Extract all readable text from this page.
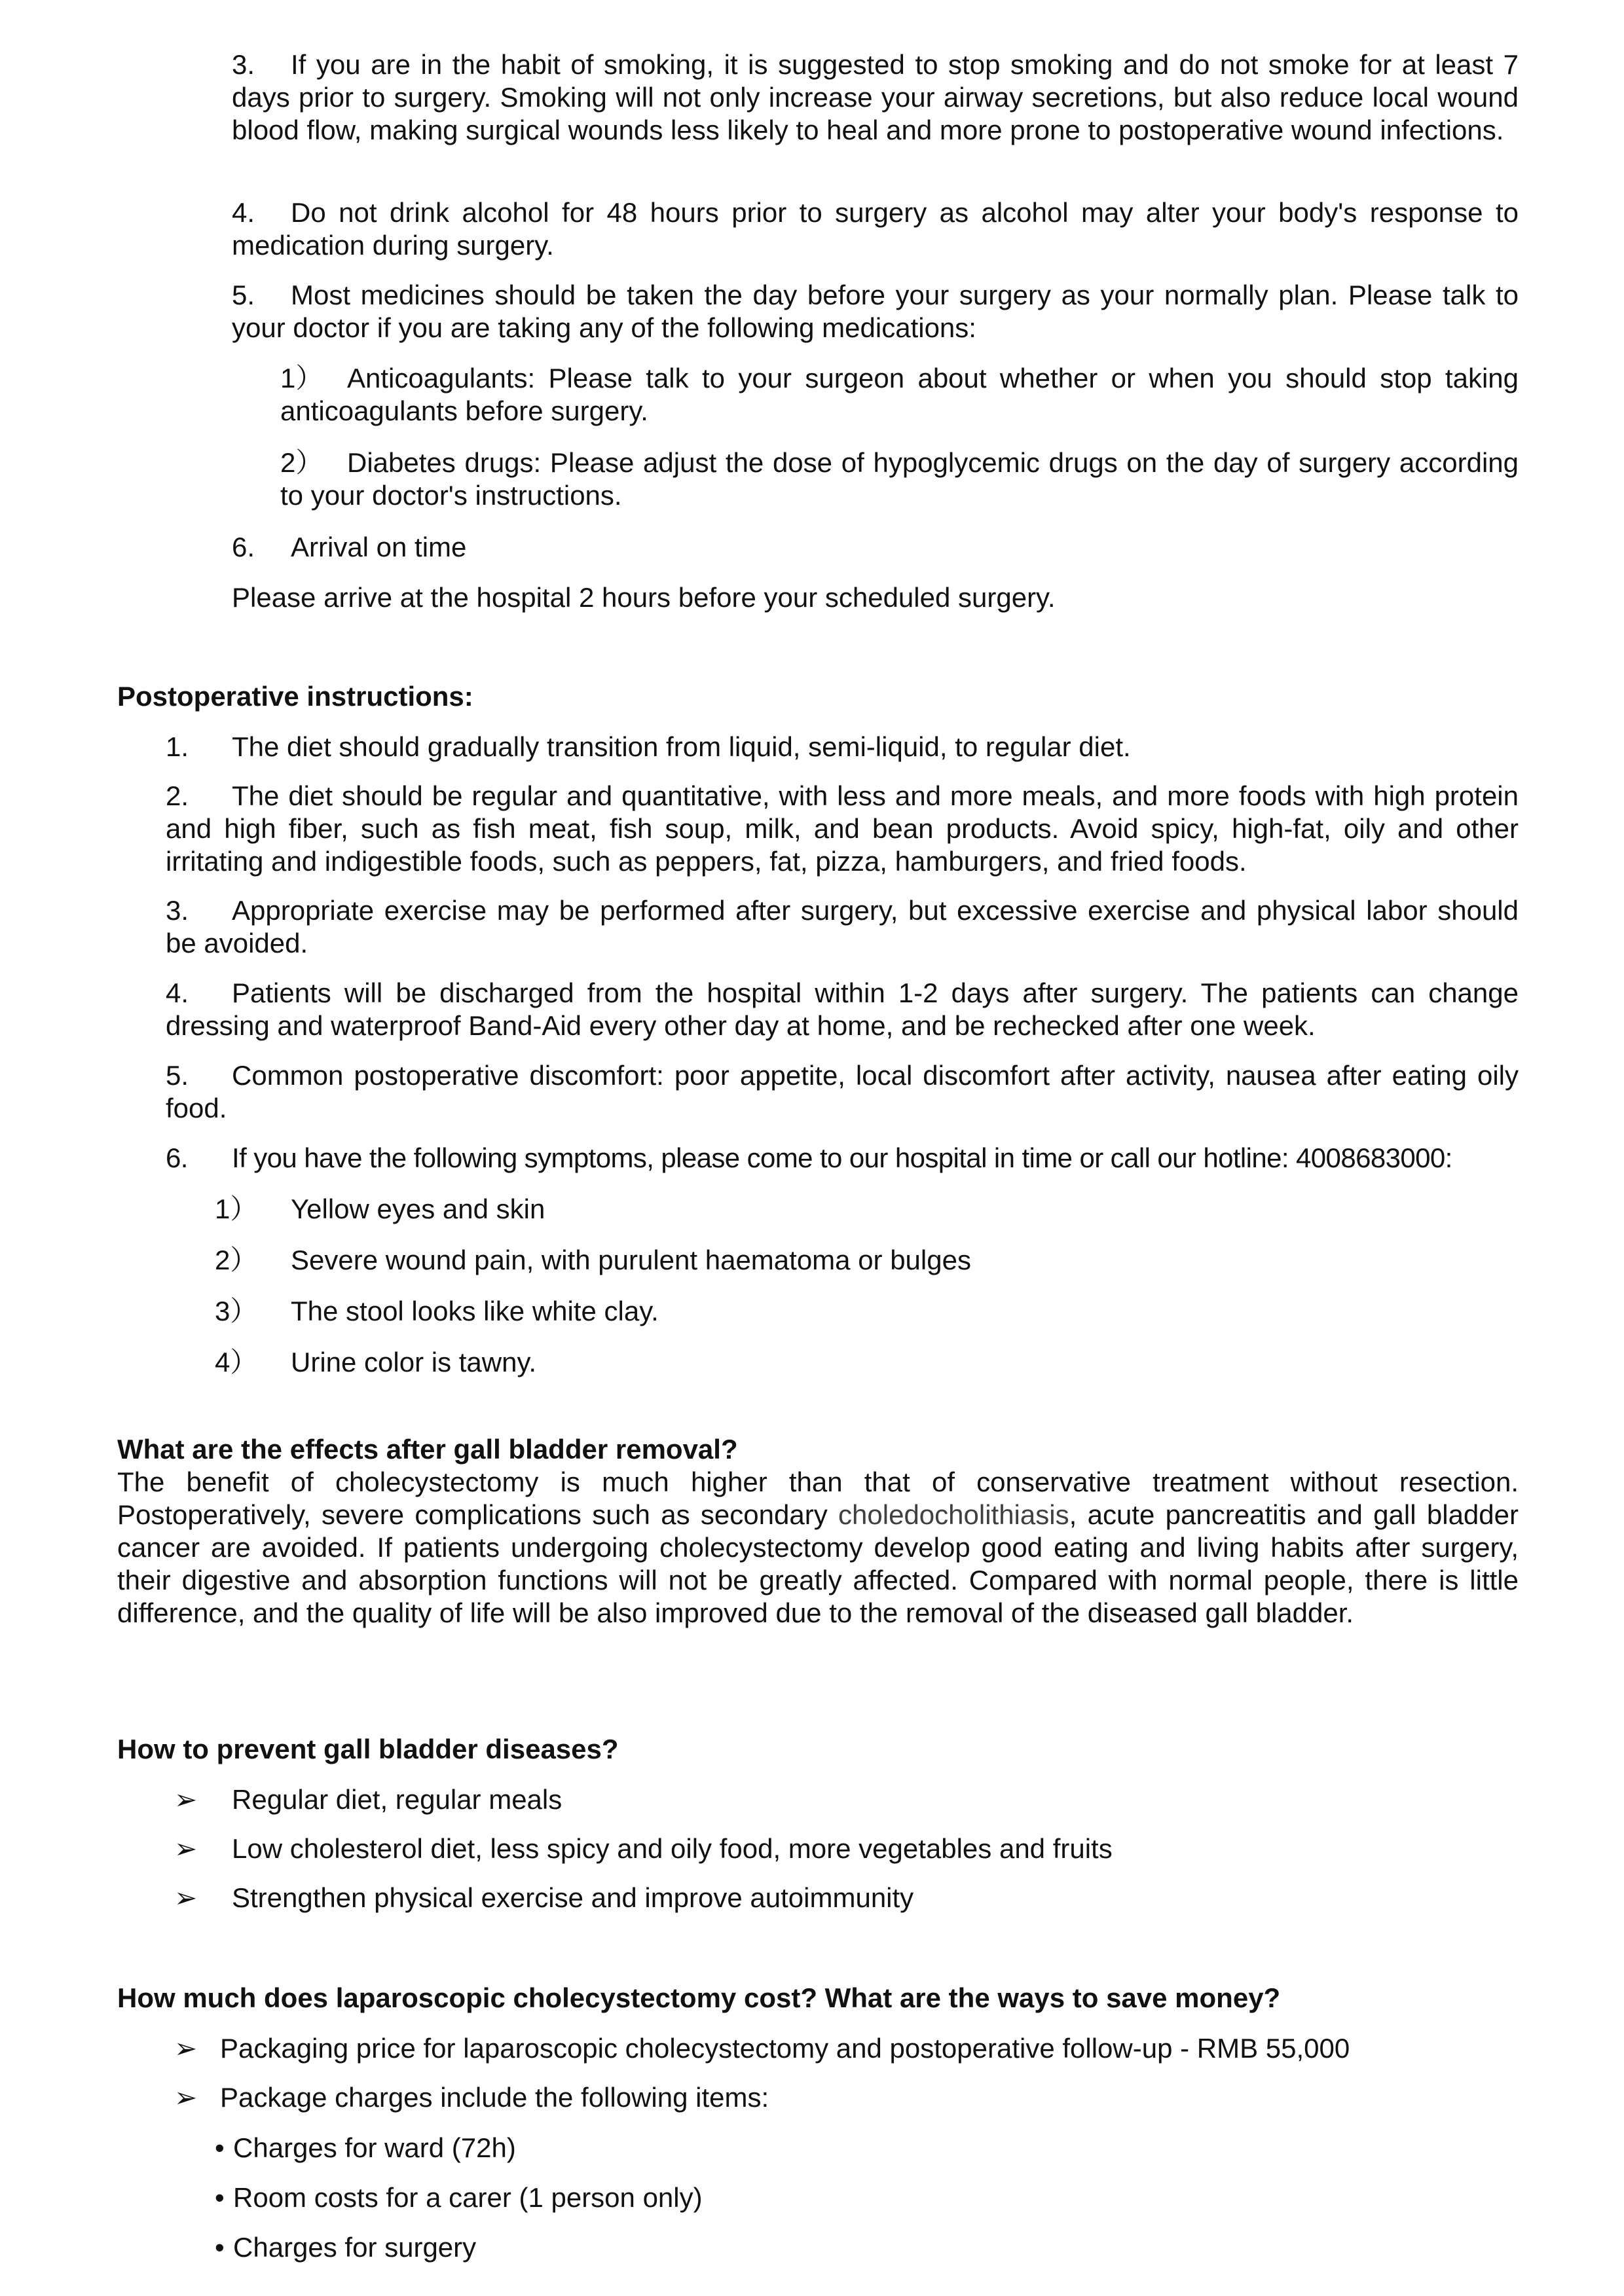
3. If you are in the habit of smoking, it is suggested to stop smoking and do not smoke for at least 7 days prior to surgery. Smoking will not only increase your airway secretions, but also reduce local wound blood flow, making surgical wounds less likely to heal and more prone to postoperative wound infections.

4. Do not drink alcohol for 48 hours prior to surgery as alcohol may alter your body's response to medication during surgery.

5. Most medicines should be taken the day before your surgery as your normally plan. Please talk to your doctor if you are taking any of the following medications:

1） Anticoagulants: Please talk to your surgeon about whether or when you should stop taking anticoagulants before surgery.

2） Diabetes drugs: Please adjust the dose of hypoglycemic drugs on the day of surgery according to your doctor's instructions.

6. Arrival on time

Please arrive at the hospital 2 hours before your scheduled surgery.

Postoperative instructions:

1. The diet should gradually transition from liquid, semi-liquid, to regular diet.

2. The diet should be regular and quantitative, with less and more meals, and more foods with high protein and high fiber, such as fish meat, fish soup, milk, and bean products. Avoid spicy, high-fat, oily and other irritating and indigestible foods, such as peppers, fat, pizza, hamburgers, and fried foods.

3. Appropriate exercise may be performed after surgery, but excessive exercise and physical labor should be avoided.

4. Patients will be discharged from the hospital within 1-2 days after surgery. The patients can change dressing and waterproof Band-Aid every other day at home, and be rechecked after one week.

5. Common postoperative discomfort: poor appetite, local discomfort after activity, nausea after eating oily food.

6. If you have the following symptoms, please come to our hospital in time or call our hotline: 4008683000:

1） Yellow eyes and skin

2） Severe wound pain, with purulent haematoma or bulges

3） The stool looks like white clay.

4） Urine color is tawny.

What are the effects after gall bladder removal?

The benefit of cholecystectomy is much higher than that of conservative treatment without resection. Postoperatively, severe complications such as secondary choledocholithiasis, acute pancreatitis and gall bladder cancer are avoided. If patients undergoing cholecystectomy develop good eating and living habits after surgery, their digestive and absorption functions will not be greatly affected. Compared with normal people, there is little difference, and the quality of life will be also improved due to the removal of the diseased gall bladder.

How to prevent gall bladder diseases?

➢ Regular diet, regular meals

➢ Low cholesterol diet, less spicy and oily food, more vegetables and fruits

➢ Strengthen physical exercise and improve autoimmunity

How much does laparoscopic cholecystectomy cost? What are the ways to save money?

➢ Packaging price for laparoscopic cholecystectomy and postoperative follow-up - RMB 55,000

➢ Package charges include the following items:

• Charges for ward (72h)

• Room costs for a carer (1 person only)

• Charges for surgery
